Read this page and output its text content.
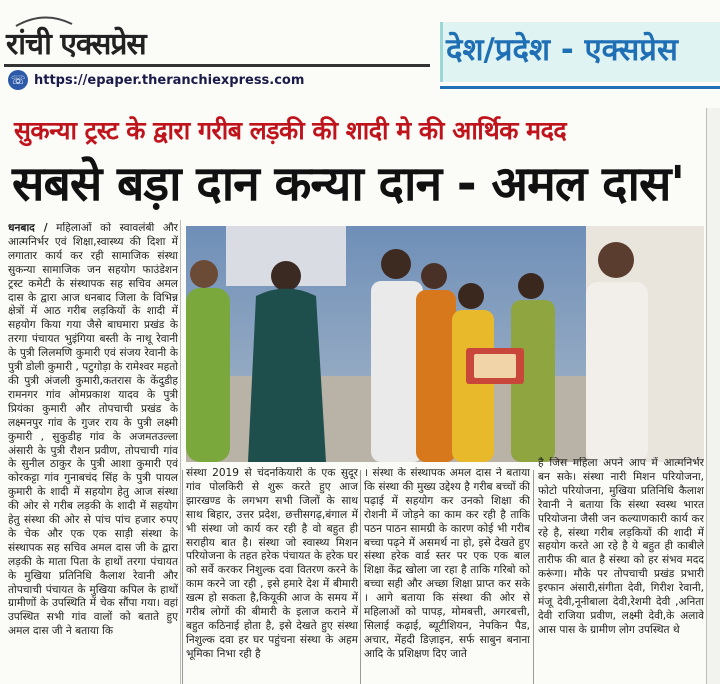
रांची एक्सप्रेस
☏ https://epaper.theranchiexpress.com
देश/प्रदेश - एक्सप्रेस
सुकन्या ट्रस्ट के द्वारा गरीब लड़की की शादी मे की आर्थिक मदद
सबसे बड़ा दान कन्या दान - अमल दास'
धनबाद / महिलाओं को स्वावलंबी और आत्मनिर्भर एवं शिक्षा,स्वास्थ्य की दिशा में लगातार कार्य कर रही सामाजिक संस्था सुकन्या सामाजिक जन सहयोग फाउंडेशन ट्रस्ट कमेटी के संस्थापक सह सचिव अमल दास के द्वारा आज धनबाद जिला के विभिन्न क्षेत्रों में आठ गरीब लड़कियों के शादी में सहयोग किया गया जैसे बाघमारा प्रखंड के तरगा पंचायत भुइंगिया बस्ती के नाथू रेवानी के पुत्री लिलमणि कुमारी एवं संजय रेवानी के पुत्री डोली कुमारी , पटुगोड़ा के रामेश्वर महतो की पुत्री अंजली कुमारी,कतरास के केंदुडीह रामनगर गांव ओमप्रकाश यादव के पुत्री प्रियंका कुमारी और तोपचाची प्रखंड के लक्ष्मनपुर गांव के गुजर राय के पुत्री लक्ष्मी कुमारी , सुकुडीह गांव के अजमतउल्ला अंसारी के पुत्री रौशन प्रवीण, तोपचाची गांव के सुनील ठाकुर के पुत्री आशा कुमारी एवं कोरकट्टा गांव गुनाबचंद सिंह के पुत्री पायल कुमारी के शादी में सहयोग हेतु आज संस्था की ओर से गरीब लड़की के शादी में सहयोग हेतु संस्था की ओर से पांच पांच हजार रुपए के चेक और एक एक साड़ी संस्था के संस्थापक सह सचिव अमल दास जी के द्वारा लड़की के माता पिता के हाथों तरगा पंचायत के मुखिया प्रतिनिधि कैलाश रेवानी और तोपचाची पंचायत के मुखिया कपिल के हाथों ग्रामीणों के उपस्थिति में चेक सौंपा गया। वहां उपस्थित सभी गांव वालों को बताते हुए अमल दास जी ने बताया कि
संस्था 2019 से चंदनकियारी के एक सुदूर गांव पोलकिरी से शुरू करते हुए आज झारखण्ड के लगभग सभी जिलों के साथ साथ बिहार, उत्तर प्रदेश, छत्तीसगढ़,बंगाल में भी संस्था जो कार्य कर रही है वो बहुत ही सराहीय बात है। संस्था जो स्वास्थ्य मिशन परियोजना के तहत हरेक पंचायत के हरेक घर को सर्वे करकर निशुल्क दवा वितरण करने के काम करने जा रही , इसे हमारे देश में बीमारी खत्म हो सकता है,कियूकी आज के समय में गरीब लोगों की बीमारी के इलाज कराने में बहुत कठिनाई होता है, इसे देखते हुए संस्था निशुल्क दवा हर घर पहुंचना संस्था के अहम भूमिका निभा रही है
। संस्था के संस्थापक अमल दास ने बताया कि संस्था की मुख्य उद्देश्य है गरीब बच्चों की पढ़ाई में सहयोग कर उनको शिक्षा की रोशनी में जोड़ने का काम कर रही है ताकि पठन पाठन सामग्री के कारण कोई भी गरीब बच्चा पढ़ने में असमर्थ ना हो, इसे देखते हुए संस्था हरेक वार्ड स्तर पर एक एक बाल शिक्षा केंद्र खोला जा रहा है ताकि गरिबो को बच्चा सही और अच्छा शिक्षा प्राप्त कर सके । आगे बताया कि संस्था की ओर से महिलाओं को पापड़, मोमबत्ती, अगरबत्ती, सिलाई कढ़ाई, ब्यूटीशियन, नेपकिन पैड, अचार, मेंहदी डिज़ाइन, सर्फ साबुन बनाना आदि के प्रशिक्षण दिए जाते
है जिस महिला अपने आप में आत्मनिर्भर बन सके। संस्था नारी मिशन परियोजना, फोटो परियोजना, मुखिया प्रतिनिधि कैलाश रेवानी ने बताया कि संस्था स्वस्थ भारत परियोजना जैसी जन कल्याणकारी कार्य कर रहे है, संस्था गरीब लड़कियों की शादी में सहयोग करते आ रहे है ये बहुत ही काबीले तारीफ की बात है संस्था को हर संभव मदद करूंगा। मौके पर तोपचाची प्रखंड प्रभारी इरफान अंसारी,संगीता देवी, गिरीश रेवानी, मंजू देवी,नूनीबाला देवी,रेशमी देवी ,अनिता देवी राजिया प्रवीण, लक्ष्मी देवी,के अलावे आस पास के ग्रामीण लोग उपस्थित थे
